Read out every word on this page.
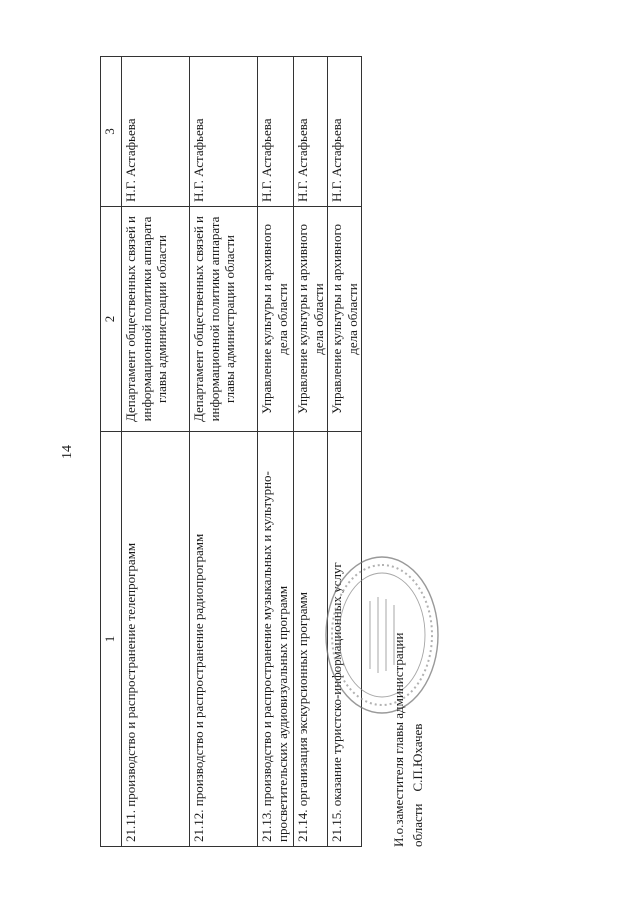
14
1	2	3
21.11. производство и распространение телепрограмм	Департамент общественных связей и информационной политики аппарата главы администрации области	Н.Г. Астафьева
21.12. производство и распространение радиопрограмм	Департамент общественных связей и информационной политики аппарата главы администрации области	Н.Г. Астафьева
21.13. производство и распространение музыкальных и культурно-просветительских аудиовизуальных программ	Управление культуры и архивного дела области	Н.Г. Астафьева
21.14. организация экскурсионных программ	Управление культуры и архивного дела области	Н.Г. Астафьева
21.15. оказание туристско-информационных услуг	Управление культуры и архивного дела области	Н.Г. Астафьева
И.о.заместителя главы администрации областиС.П.Юхачев
